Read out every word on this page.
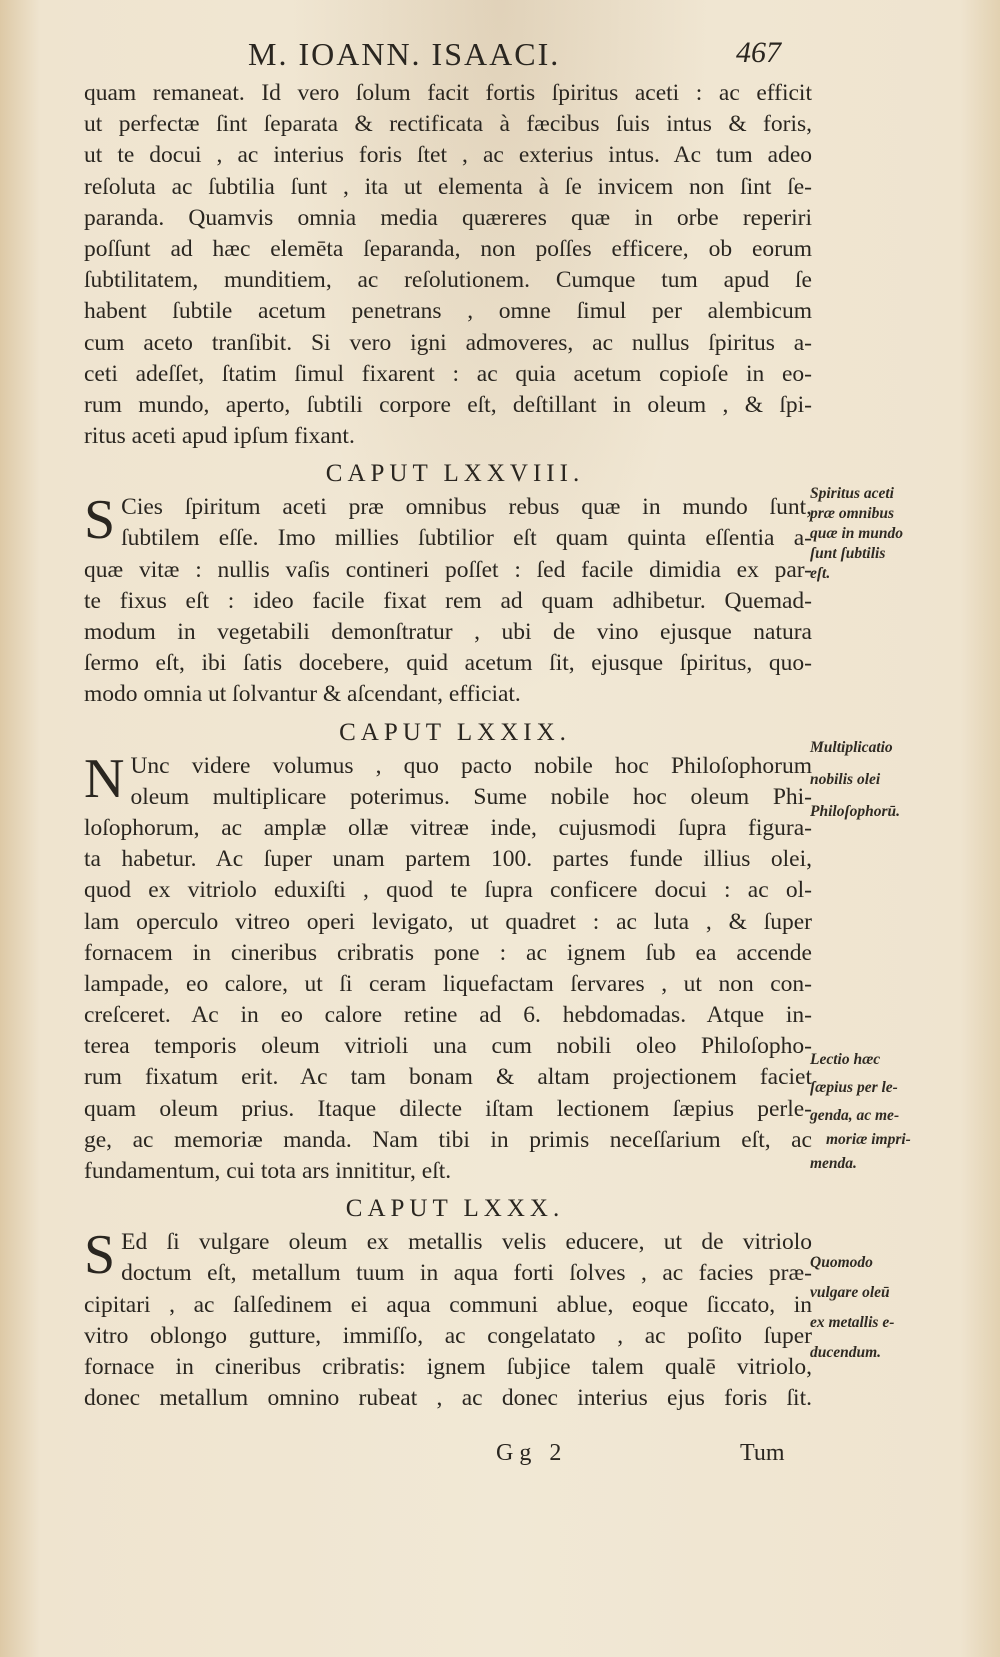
M. IOANN. ISAACI.	467
quam remaneat. Id vero ſolum facit fortis ſpiritus aceti : ac efficit
ut perfectæ ſint ſeparata & rectificata à fæcibus ſuis intus & foris,
ut te docui , ac interius foris ſtet , ac exterius intus. Ac tum adeo
reſoluta ac ſubtilia ſunt , ita ut elementa à ſe invicem non ſint ſe-
paranda. Quamvis omnia media quæreres quæ in orbe reperiri
poſſunt ad hæc elemēta ſeparanda, non poſſes efficere, ob eorum
ſubtilitatem, munditiem, ac reſolutionem. Cumque tum apud ſe
habent ſubtile acetum penetrans , omne ſimul per alembicum
cum aceto tranſibit. Si vero igni admoveres, ac nullus ſpiritus a-
ceti adeſſet, ſtatim ſimul fixarent : ac quia acetum copioſe in eo-
rum mundo, aperto, ſubtili corpore eſt, deſtillant in oleum , & ſpi-
ritus aceti apud ipſum fixant.
CAPUT LXXVIII.
S Cies ſpiritum aceti præ omnibus rebus quæ in mundo ſunt,
ſubtilem eſſe. Imo millies ſubtilior eſt quam quinta eſſentia a-
quæ vitæ : nullis vaſis contineri poſſet : ſed facile dimidia ex par-
te fixus eſt : ideo facile fixat rem ad quam adhibetur. Quemad-
modum in vegetabili demonſtratur , ubi de vino ejusque natura
ſermo eſt, ibi ſatis docebere, quid acetum ſit, ejusque ſpiritus, quo-
modo omnia ut ſolvantur & aſcendant, efficiat.
CAPUT LXXIX.
N Unc videre volumus , quo pacto nobile hoc Philoſophorum
oleum multiplicare poterimus. Sume nobile hoc oleum Phi-
loſophorum, ac amplæ ollæ vitreæ inde, cujusmodi ſupra figura-
ta habetur. Ac ſuper unam partem 100. partes funde illius olei,
quod ex vitriolo eduxiſti , quod te ſupra conficere docui : ac ol-
lam operculo vitreo operi levigato, ut quadret : ac luta , & ſuper
fornacem in cineribus cribratis pone : ac ignem ſub ea accende
lampade, eo calore, ut ſi ceram liquefactam ſervares , ut non con-
creſceret. Ac in eo calore retine ad 6. hebdomadas. Atque in-
terea temporis oleum vitrioli una cum nobili oleo Philoſopho-
rum fixatum erit. Ac tam bonam & altam projectionem faciet
quam oleum prius. Itaque dilecte iſtam lectionem ſæpius perle-
ge, ac memoriæ manda. Nam tibi in primis neceſſarium eſt, ac
fundamentum, cui tota ars innititur, eſt.
CAPUT LXXX.
S Ed ſi vulgare oleum ex metallis velis educere, ut de vitriolo
doctum eſt, metallum tuum in aqua forti ſolves , ac facies præ-
cipitari , ac ſalſedinem ei aqua communi ablue, eoque ſiccato, in
vitro oblongo gutture, immiſſo, ac congelatato , ac poſito ſuper
fornace in cineribus cribratis: ignem ſubjice talem qualē vitriolo,
donec metallum omnino rubeat , ac donec interius ejus foris ſit.
Spiritus aceti
præ omnibus
quæ in mundo
ſunt ſubtilis
eſt.
Multiplicatio
nobilis olei
Philoſophorū.
Lectio hæc
ſæpius per le-
genda, ac me-
moriæ impri-
menda.
Quomodo
vulgare oleū
ex metallis e-
ducendum.
Gg 2	Tum
